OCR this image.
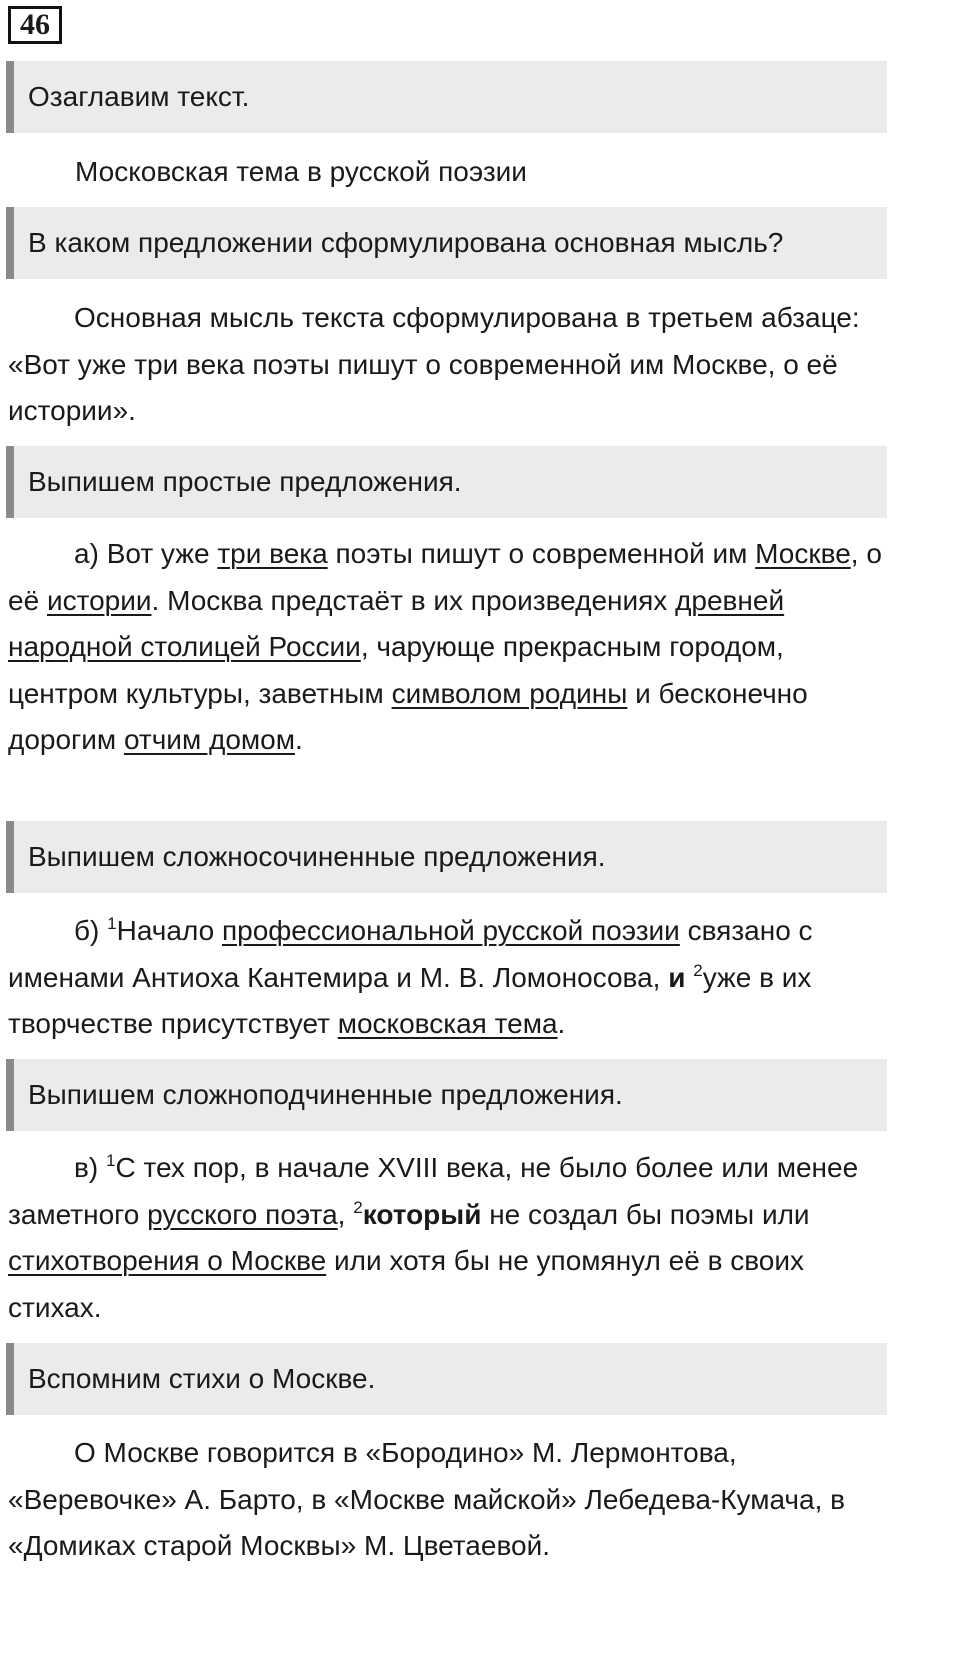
46
Озаглавим текст.
Московская тема в русской поэзии
В каком предложении сформулирована основная мысль?

Основная мысль текста сформулирована в третьем абзаце: «Вот уже три века поэты пишут о современной им Москве, о её истории».

Выпишем простые предложения.

а) Вот уже три века поэты пишут о современной им Москве, о её истории. Москва предстаёт в их произведениях древней народной столицей России, чарующе прекрасным городом, центром культуры, заветным символом родины и бесконечно дорогим отчим домом.

Выпишем сложносочиненные предложения.

б) $^1$Начало профессиональной русской поэзии связано с именами Антиоха Кантемира и М. В. Ломоносова, и $^2$уже в их творчестве присутствует московская тема.

Выпишем сложноподчиненные предложения.

в) $^1$С тех пор, в начале XVIII века, не было более или менее заметного русского поэта, $^2$который не создал бы поэмы или стихотворения о Москве или хотя бы не упомянул её в своих стихах.

Вспомним стихи о Москве.

О Москве говорится в «Бородино» М. Лермонтова, «Веревочке» А. Барто, в «Москве майской» Лебедева-Кумача, в «Домиках старой Москвы» М. Цветаевой.
